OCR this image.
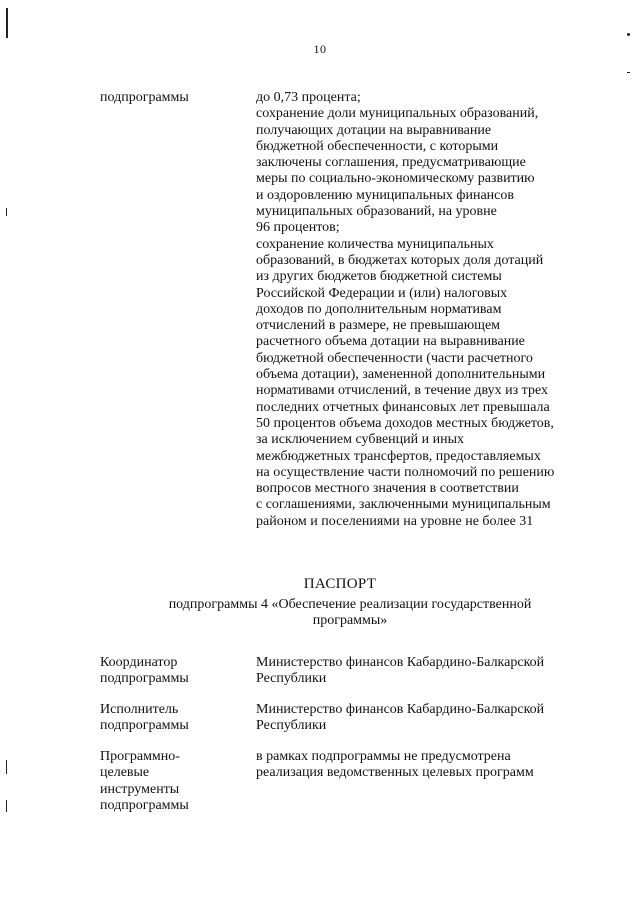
10
подпрограммы	до 0,73 процента;
сохранение доли муниципальных образований,
получающих дотации на выравнивание
бюджетной обеспеченности, с которыми
заключены соглашения, предусматривающие
меры по социально-экономическому развитию
и оздоровлению муниципальных финансов
муниципальных образований, на уровне
96 процентов;
сохранение количества муниципальных
образований, в бюджетах которых доля дотаций
из других бюджетов бюджетной системы
Российской Федерации и (или) налоговых
доходов по дополнительным нормативам
отчислений в размере, не превышающем
расчетного объема дотации на выравнивание
бюджетной обеспеченности (части расчетного
объема дотации), замененной дополнительными
нормативами отчислений, в течение двух из трех
последних отчетных финансовых лет превышала
50 процентов объема доходов местных бюджетов,
за исключением субвенций и иных
межбюджетных трансфертов, предоставляемых
на осуществление части полномочий по решению
вопросов местного значения в соответствии
с соглашениями, заключенными муниципальным
районом и поселениями на уровне не более 31
ПАСПОРТ
подпрограммы 4 «Обеспечение реализации государственной
программы»
Координатор
подпрограммы
Министерство финансов Кабардино-Балкарской
Республики
Исполнитель
подпрограммы
Министерство финансов Кабардино-Балкарской
Республики
Программно-
целевые
инструменты
подпрограммы
в рамках подпрограммы не предусмотрена
реализация ведомственных целевых программ
